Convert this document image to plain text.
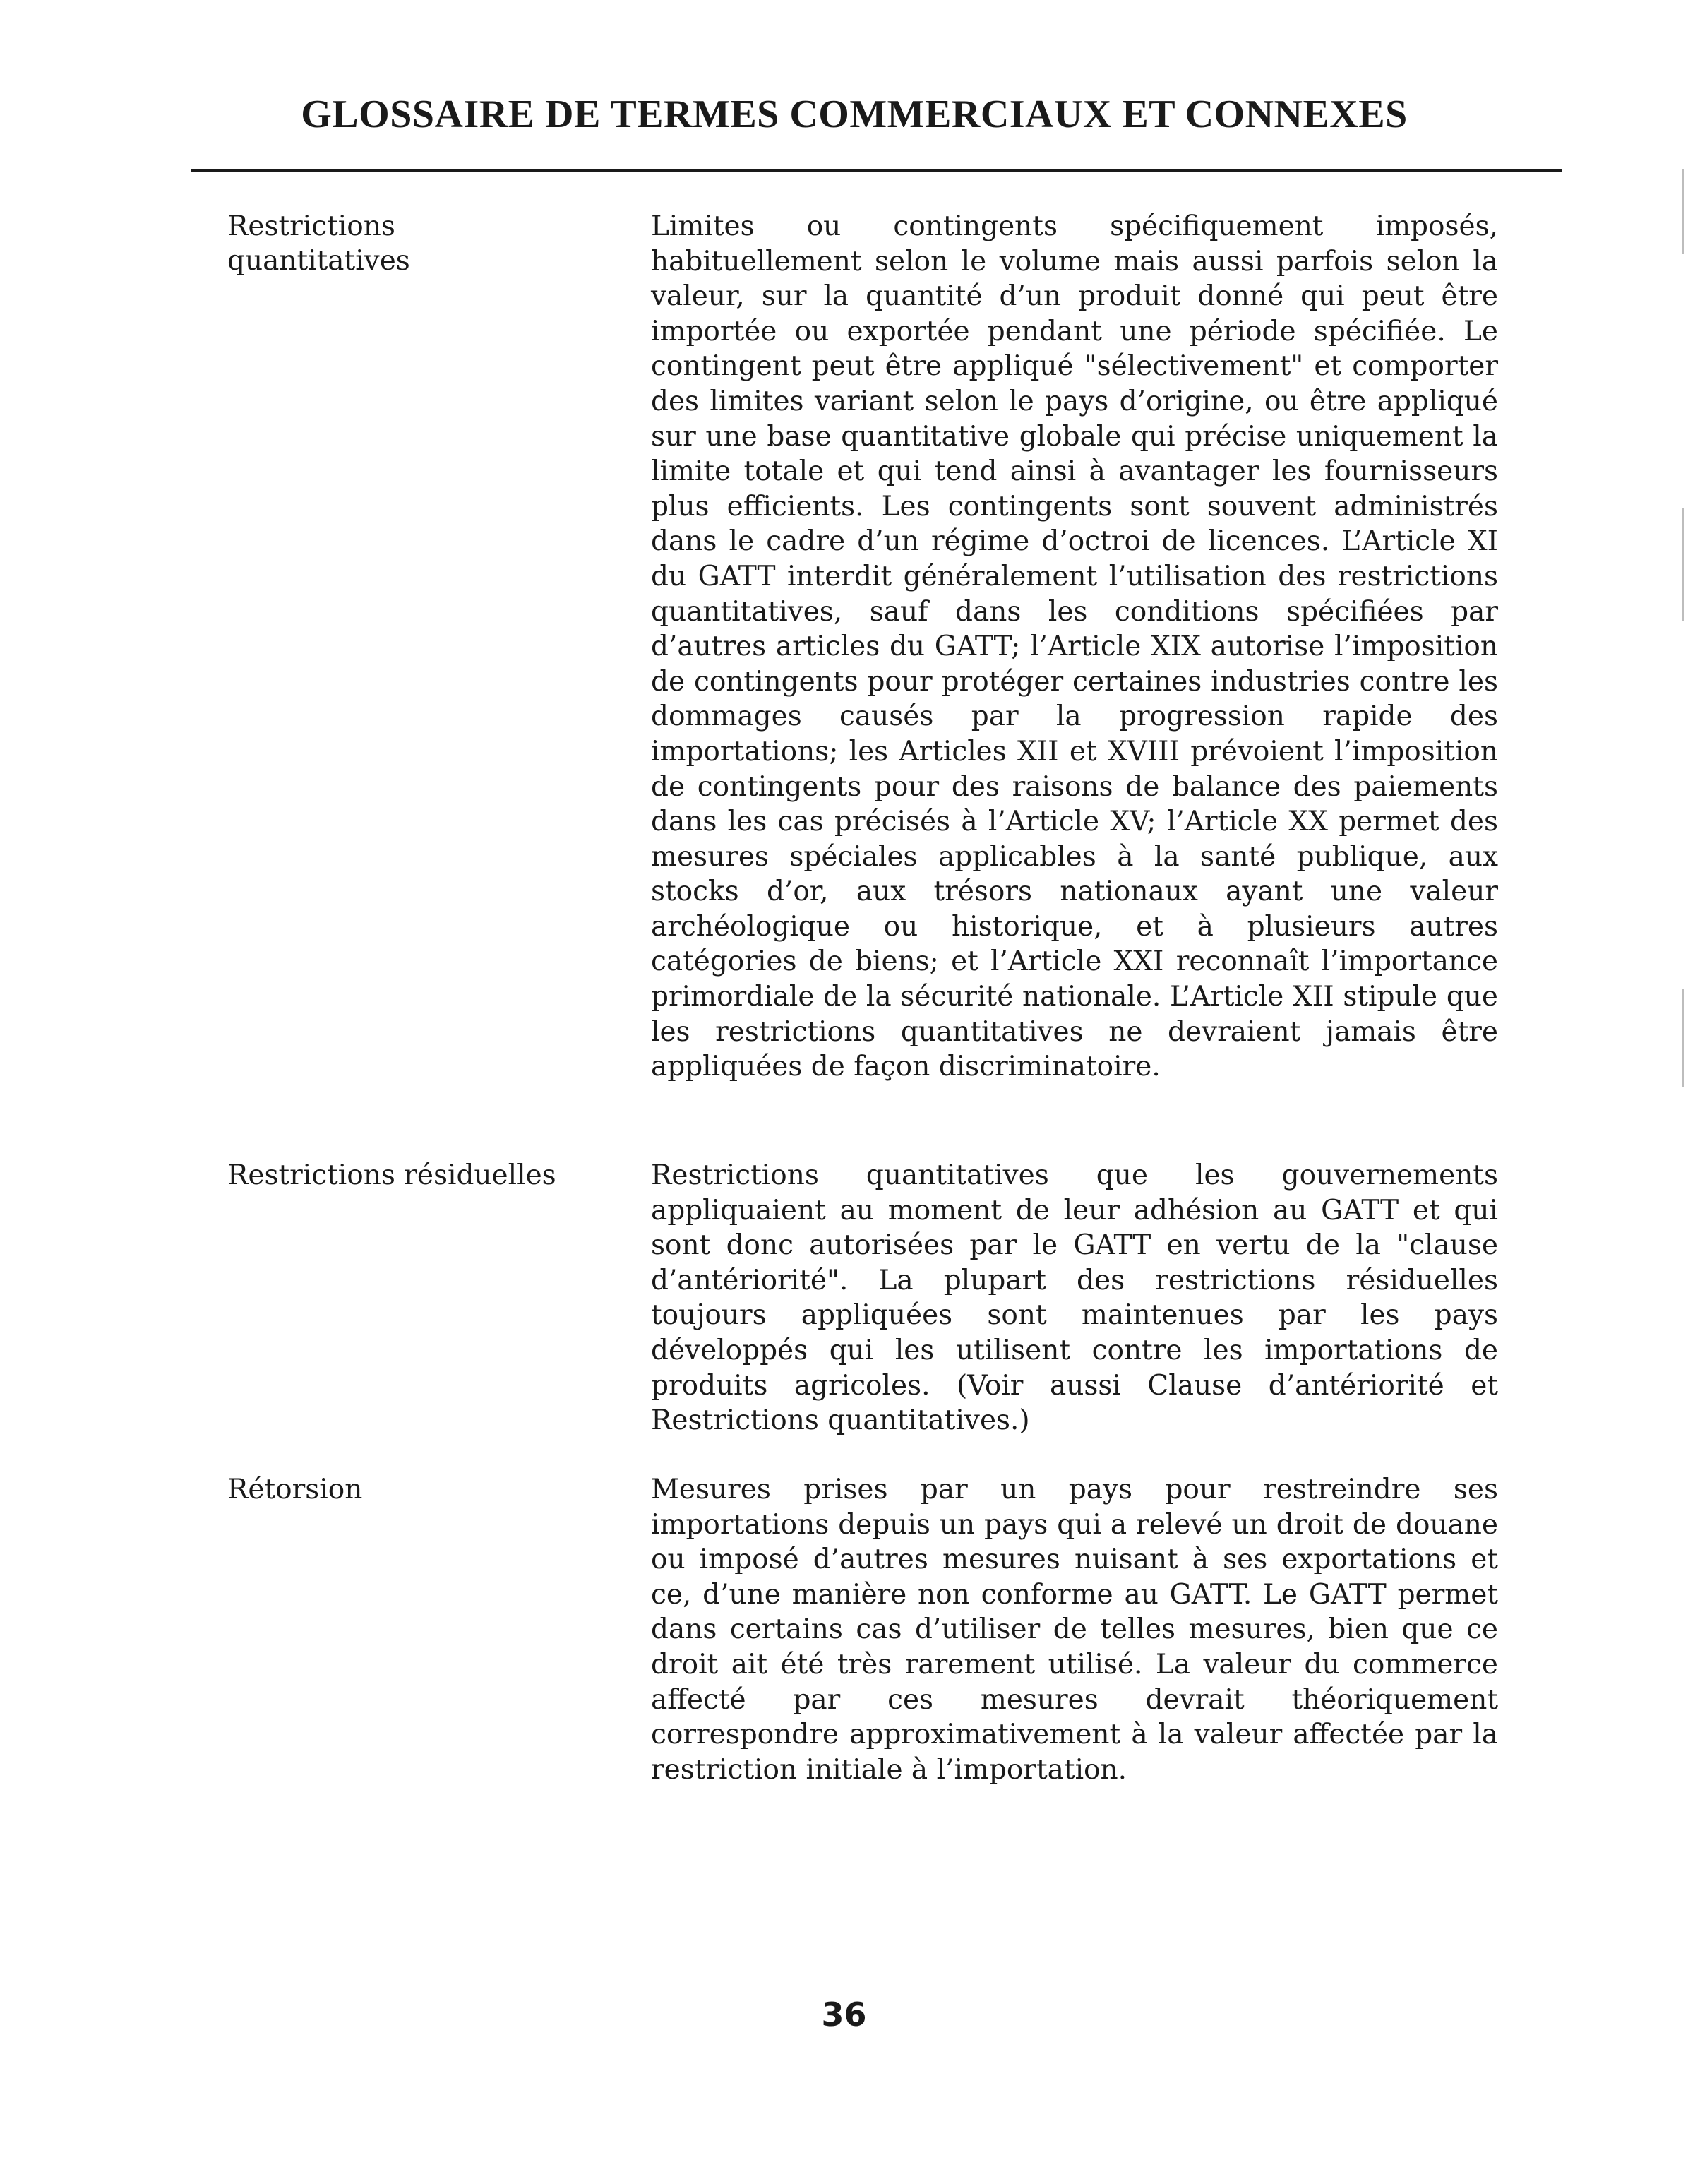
GLOSSAIRE DE TERMES COMMERCIAUX ET CONNEXES
Restrictions quantitatives
Limites ou contingents spécifiquement imposés, habituellement selon le volume mais aussi parfois selon la valeur, sur la quantité d’un produit donné qui peut être importée ou exportée pendant une période spécifiée. Le contingent peut être appliqué "sélectivement" et comporter des limites variant selon le pays d’origine, ou être appliqué sur une base quantitative globale qui précise uniquement la limite totale et qui tend ainsi à avantager les fournisseurs plus efficients. Les contingents sont souvent administrés dans le cadre d’un régime d’octroi de licences. L’Article XI du GATT interdit généralement l’utilisation des restrictions quantitatives, sauf dans les conditions spécifiées par d’autres articles du GATT; l’Article XIX autorise l’imposition de contingents pour protéger certaines industries contre les dommages causés par la progression rapide des importations; les Articles XII et XVIII prévoient l’imposition de contingents pour des raisons de balance des paiements dans les cas précisés à l’Article XV; l’Article XX permet des mesures spéciales applicables à la santé publique, aux stocks d’or, aux trésors nationaux ayant une valeur archéologique ou historique, et à plusieurs autres catégories de biens; et l’Article XXI reconnaît l’importance primordiale de la sécurité nationale. L’Article XII stipule que les restrictions quantitatives ne devraient jamais être appliquées de façon discriminatoire.
Restrictions résiduelles	Restrictions quantitatives que les gouvernements appliquaient au moment de leur adhésion au GATT et qui sont donc autorisées par le GATT en vertu de la "clause d’antériorité". La plupart des restrictions résiduelles toujours appliquées sont maintenues par les pays développés qui les utilisent contre les importations de produits agricoles. (Voir aussi Clause d’antériorité et Restrictions quantitatives.)
Rétorsion	Mesures prises par un pays pour restreindre ses importations depuis un pays qui a relevé un droit de douane ou imposé d’autres mesures nuisant à ses exportations et ce, d’une manière non conforme au GATT. Le GATT permet dans certains cas d’utiliser de telles mesures, bien que ce droit ait été très rarement utilisé. La valeur du commerce affecté par ces mesures devrait théoriquement correspondre approximativement à la valeur affectée par la restriction initiale à l’importation.
36
